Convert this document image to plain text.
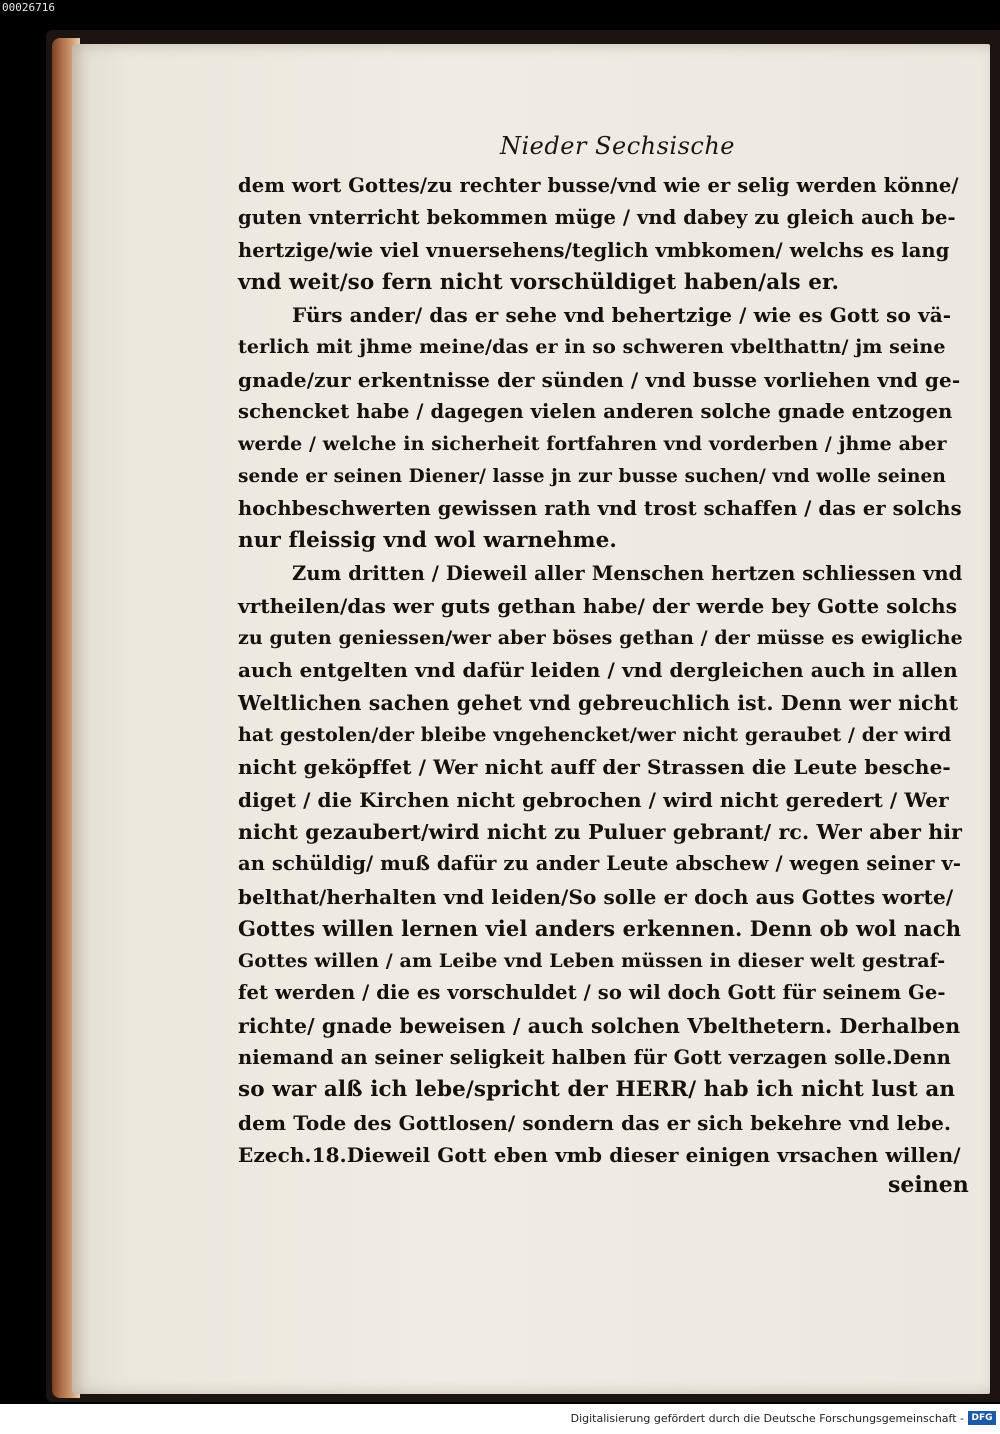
00026716
Nieder Sechsische
dem wort Gottes/zu rechter busse/vnd wie er selig werden könne/
guten vnterricht bekommen müge / vnd dabey zu gleich auch be-
hertzige/wie viel vnuersehens/teglich vmbkomen/ welchs es lang
vnd weit/so fern nicht vorschüldiget haben/als er.
Fürs ander/ das er sehe vnd behertzige / wie es Gott so vä-
terlich mit jhme meine/das er in so schweren vbelthattn/ jm seine
gnade/zur erkentnisse der sünden / vnd busse vorliehen vnd ge-
schencket habe / dagegen vielen anderen solche gnade entzogen
werde / welche in sicherheit fortfahren vnd vorderben / jhme aber
sende er seinen Diener/ lasse jn zur busse suchen/ vnd wolle seinen
hochbeschwerten gewissen rath vnd trost schaffen / das er solchs
nur fleissig vnd wol warnehme.
Zum dritten / Dieweil aller Menschen hertzen schliessen vnd
vrtheilen/das wer guts gethan habe/ der werde bey Gotte solchs
zu guten geniessen/wer aber böses gethan / der müsse es ewigliche
auch entgelten vnd dafür leiden / vnd dergleichen auch in allen
Weltlichen sachen gehet vnd gebreuchlich ist. Denn wer nicht
hat gestolen/der bleibe vngehencket/wer nicht geraubet / der wird
nicht geköpffet / Wer nicht auff der Strassen die Leute besche-
diget / die Kirchen nicht gebrochen / wird nicht geredert / Wer
nicht gezaubert/wird nicht zu Puluer gebrant/ rc. Wer aber hir
an schüldig/ muß dafür zu ander Leute abschew / wegen seiner v-
belthat/herhalten vnd leiden/So solle er doch aus Gottes worte/
Gottes willen lernen viel anders erkennen. Denn ob wol nach
Gottes willen / am Leibe vnd Leben müssen in dieser welt gestraf-
fet werden / die es vorschuldet / so wil doch Gott für seinem Ge-
richte/ gnade beweisen / auch solchen Vbelthetern. Derhalben
niemand an seiner seligkeit halben für Gott verzagen solle.Denn
so war alß ich lebe/spricht der HERR/ hab ich nicht lust an
dem Tode des Gottlosen/ sondern das er sich bekehre vnd lebe.
Ezech.18.Dieweil Gott eben vmb dieser einigen vrsachen willen/
seinen
Digitalisierung gefördert durch die Deutsche Forschungsgemeinschaft - DFG
